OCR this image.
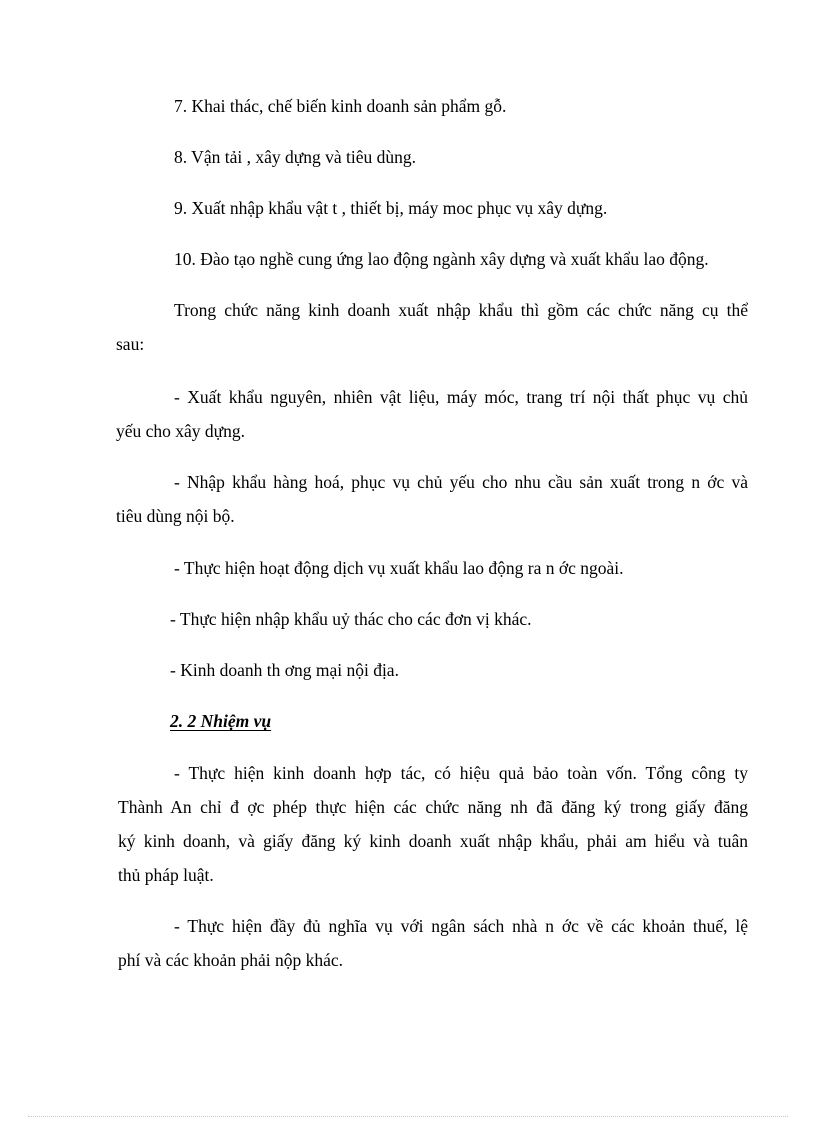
7. Khai thác, chế biến kinh doanh sản phẩm gỗ.

8. Vận tải , xây dựng và tiêu dùng.

9. Xuất nhập khẩu vật t , thiết bị, máy moc phục vụ xây dựng.

10. Đào tạo nghề cung ứng lao động ngành xây dựng và xuất khẩu lao động.

Trong chức năng kinh doanh xuất nhập khẩu thì gồm các chức năng cụ thể
sau:
- Xuất khẩu nguyên, nhiên vật liệu, máy móc, trang trí nội thất phục vụ chủ
yếu cho xây dựng.
- Nhập khẩu hàng hoá, phục vụ chủ yếu cho nhu cầu sản xuất trong n ớc và
tiêu dùng nội bộ.

- Thực hiện hoạt động dịch vụ xuất khẩu lao động ra n ớc ngoài.

- Thực hiện nhập khẩu uỷ thác cho các đơn vị khác.

- Kinh doanh th ơng mại nội địa.

2. 2 Nhiệm vụ

- Thực hiện kinh doanh hợp tác, có hiệu quả bảo toàn vốn. Tổng công ty

Thành An chỉ đ ợc phép thực hiện các chức năng nh đã đăng ký trong giấy đăng

ký kinh doanh, và giấy đăng ký kinh doanh xuất nhập khẩu, phải am hiểu và tuân

thủ pháp luật.

- Thực hiện đầy đủ nghĩa vụ với ngân sách nhà n ớc về các khoản thuế, lệ

phí và các khoản phải nộp khác.
